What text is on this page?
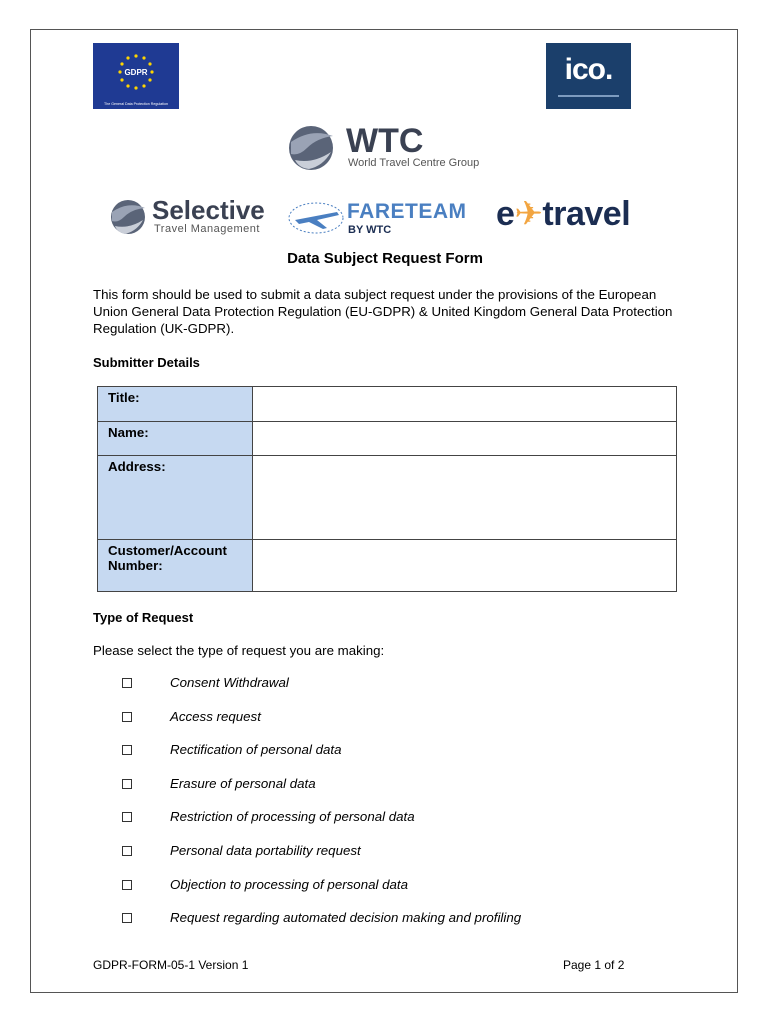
GDPR
The General Data Protection Regulation
ico.
WTC
World Travel Centre Group
Selective
Travel Management
FARETEAM
BY WTC	e✈travel
Data Subject Request Form
This form should be used to submit a data subject request under the provisions of the European Union General Data Protection Regulation (EU-GDPR) & United Kingdom General Data Protection Regulation (UK-GDPR).
Submitter Details
Title:	
Name:	
Address:	
Customer/Account Number:	
Type of Request
Please select the type of request you are making:
Consent Withdrawal
Access request
Rectification of personal data
Erasure of personal data
Restriction of processing of personal data
Personal data portability request
Objection to processing of personal data
Request regarding automated decision making and profiling
GDPR-FORM-05-1 Version 1	Page 1 of 2
